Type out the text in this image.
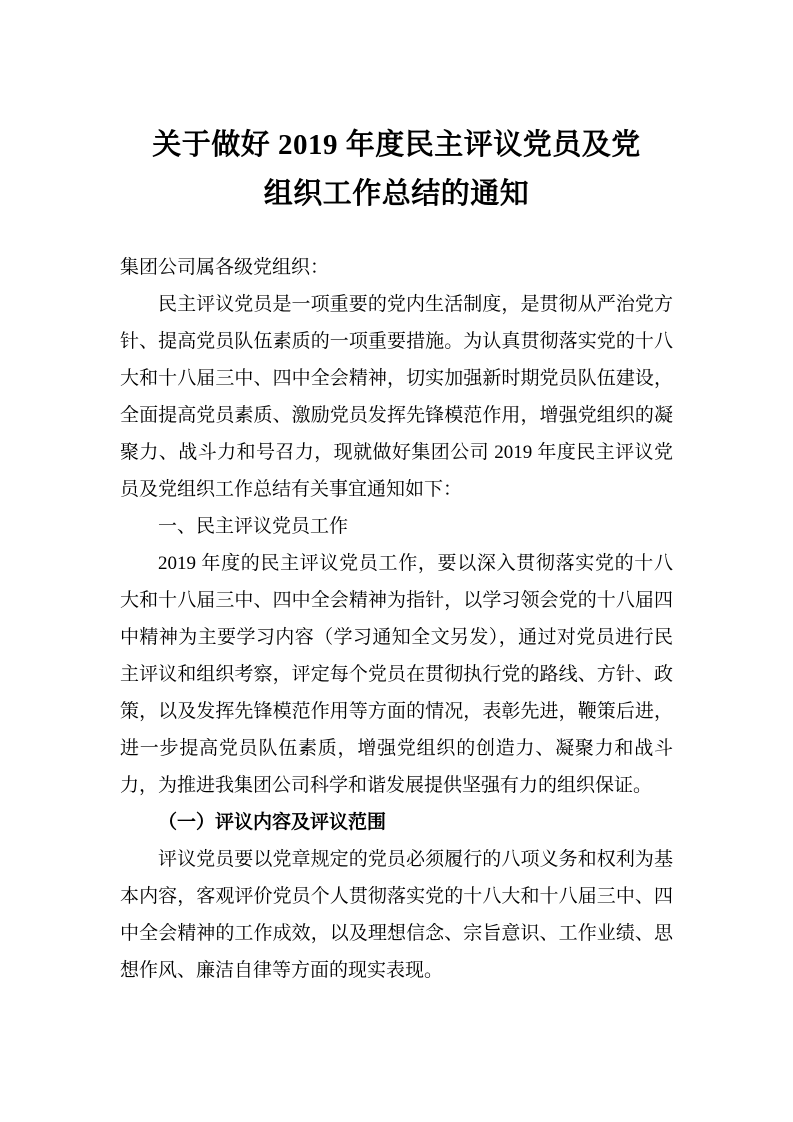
关于做好 2019 年度民主评议党员及党
组织工作总结的通知

集团公司属各级党组织：

民主评议党员是一项重要的党内生活制度，是贯彻从严治党方针、提高党员队伍素质的一项重要措施。为认真贯彻落实党的十八大和十八届三中、四中全会精神，切实加强新时期党员队伍建设，全面提高党员素质、激励党员发挥先锋模范作用，增强党组织的凝聚力、战斗力和号召力，现就做好集团公司 2019 年度民主评议党员及党组织工作总结有关事宜通知如下：

一、民主评议党员工作

2019 年度的民主评议党员工作，要以深入贯彻落实党的十八大和十八届三中、四中全会精神为指针，以学习领会党的十八届四中精神为主要学习内容（学习通知全文另发），通过对党员进行民主评议和组织考察，评定每个党员在贯彻执行党的路线、方针、政策，以及发挥先锋模范作用等方面的情况，表彰先进，鞭策后进，进一步提高党员队伍素质，增强党组织的创造力、凝聚力和战斗力，为推进我集团公司科学和谐发展提供坚强有力的组织保证。

（一）评议内容及评议范围

评议党员要以党章规定的党员必须履行的八项义务和权利为基本内容，客观评价党员个人贯彻落实党的十八大和十八届三中、四中全会精神的工作成效，以及理想信念、宗旨意识、工作业绩、思想作风、廉洁自律等方面的现实表现。
